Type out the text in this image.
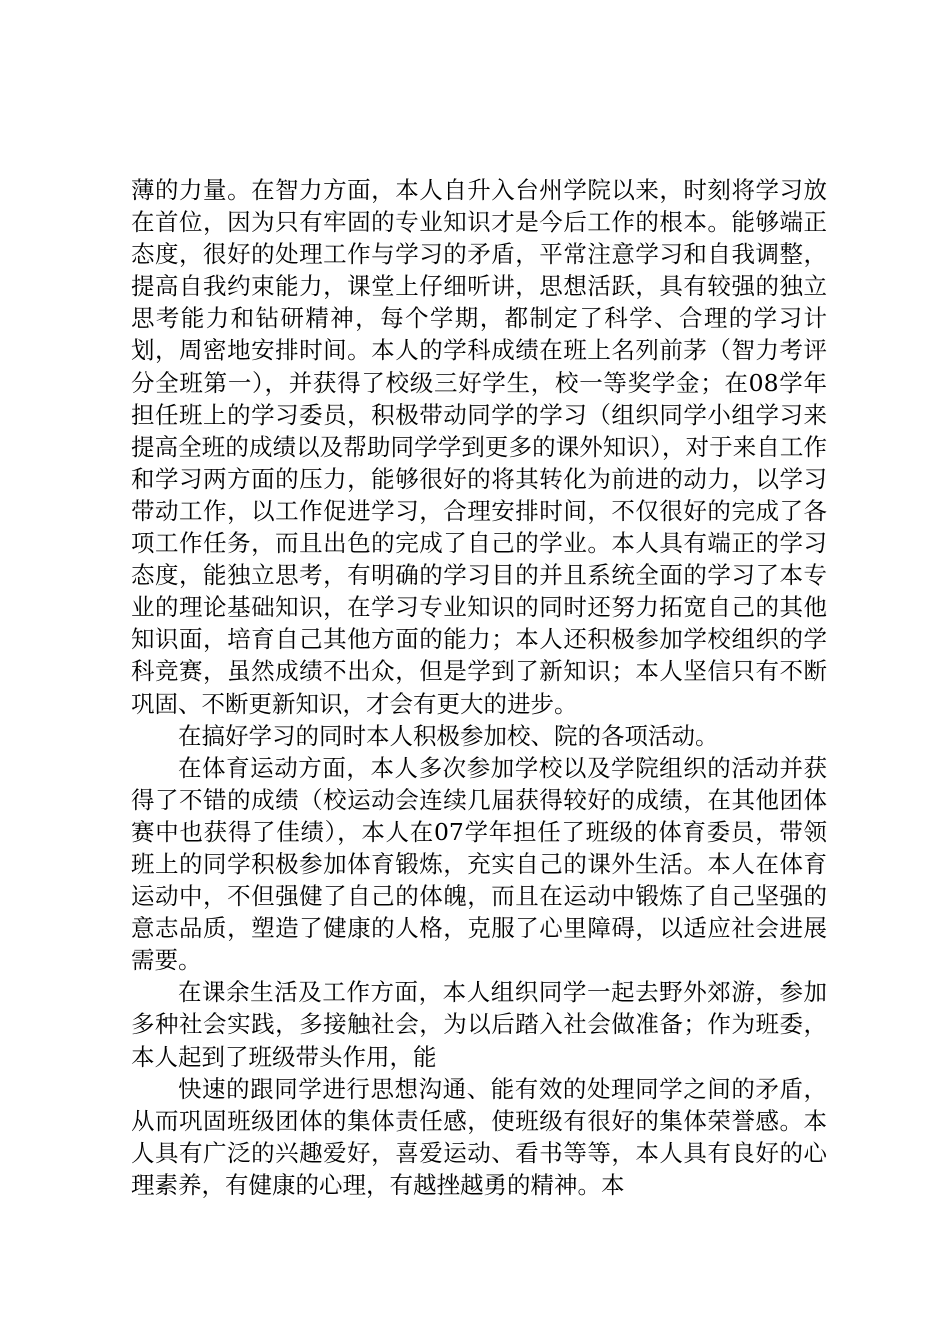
薄的力量。在智力方面，本人自升入台州学院以来，时刻将学习放在首位，因为只有牢固的专业知识才是今后工作的根本。能够端正态度，很好的处理工作与学习的矛盾，平常注意学习和自我调整，提高自我约束能力，课堂上仔细听讲，思想活跃，具有较强的独立思考能力和钻研精神，每个学期，都制定了科学、合理的学习计划，周密地安排时间。本人的学科成绩在班上名列前茅（智力考评分全班第一），并获得了校级三好学生，校一等奖学金；在08学年担任班上的学习委员，积极带动同学的学习（组织同学小组学习来提高全班的成绩以及帮助同学学到更多的课外知识），对于来自工作和学习两方面的压力，能够很好的将其转化为前进的动力，以学习带动工作，以工作促进学习，合理安排时间，不仅很好的完成了各项工作任务，而且出色的完成了自己的学业。本人具有端正的学习态度，能独立思考，有明确的学习目的并且系统全面的学习了本专业的理论基础知识，在学习专业知识的同时还努力拓宽自己的其他知识面，培育自己其他方面的能力；本人还积极参加学校组织的学科竞赛，虽然成绩不出众，但是学到了新知识；本人坚信只有不断巩固、不断更新知识，才会有更大的进步。

在搞好学习的同时本人积极参加校、院的各项活动。

在体育运动方面，本人多次参加学校以及学院组织的活动并获得了不错的成绩（校运动会连续几届获得较好的成绩，在其他团体赛中也获得了佳绩），本人在07学年担任了班级的体育委员，带领班上的同学积极参加体育锻炼，充实自己的课外生活。本人在体育运动中，不但强健了自己的体魄，而且在运动中锻炼了自己坚强的意志品质，塑造了健康的人格，克服了心里障碍，以适应社会进展需要。

在课余生活及工作方面，本人组织同学一起去野外郊游，参加多种社会实践，多接触社会，为以后踏入社会做准备；作为班委，本人起到了班级带头作用，能

快速的跟同学进行思想沟通、能有效的处理同学之间的矛盾，从而巩固班级团体的集体责任感，使班级有很好的集体荣誉感。本人具有广泛的兴趣爱好，喜爱运动、看书等等，本人具有良好的心理素养，有健康的心理，有越挫越勇的精神。本
